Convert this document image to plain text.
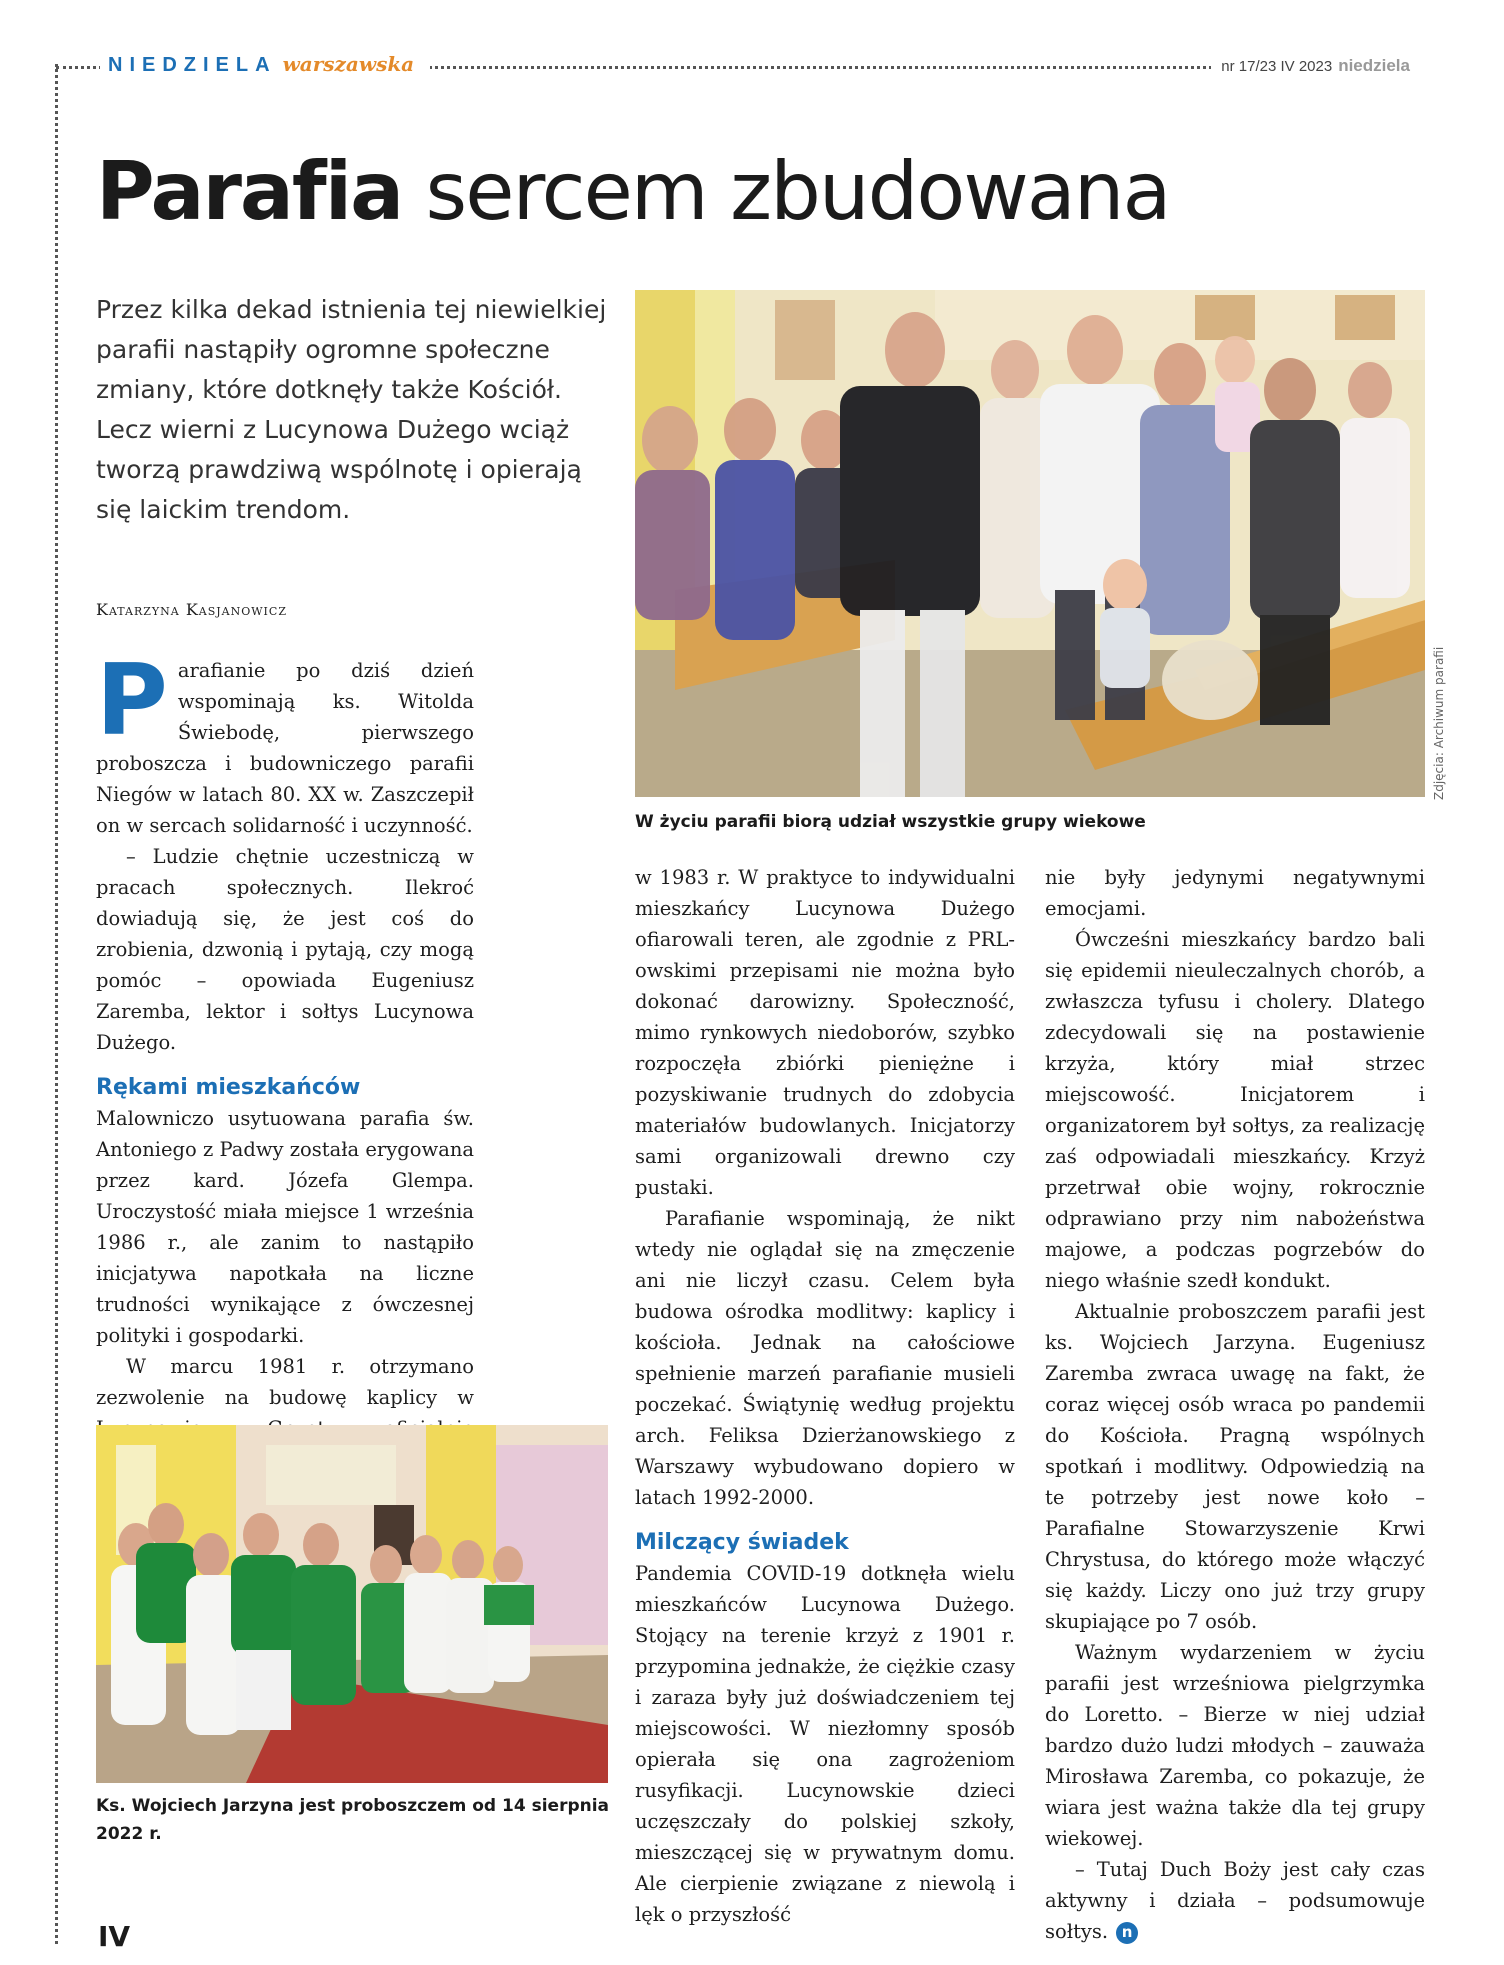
NIEDZIELA warszawska	nr 17/23 IV 2023 niedziela
Parafia sercem zbudowana
Przez kilka dekad istnienia tej niewielkiej parafii nastąpiły ogromne społeczne zmiany, które dotknęły także Kościół. Lecz wierni z Lucynowa Dużego wciąż tworzą prawdziwą wspólnotę i opierają się laickim trendom.
Katarzyna Kasjanowicz
Zdjęcia: Archiwum parafii
W życiu parafii biorą udział wszystkie grupy wiekowe

Parafianie po dziś dzień wspominają ks. Witolda Świebodę, pierwszego proboszcza i budowniczego parafii Niegów w latach 80. XX w. Zaszczepił on w sercach solidarność i uczynność.

– Ludzie chętnie uczestniczą w pracach społecznych. Ilekroć dowiadują się, że jest coś do zrobienia, dzwonią i pytają, czy mogą pomóc – opowiada Eugeniusz Zaremba, lektor i sołtys Lucynowa Dużego.

Rękami mieszkańców

Malowniczo usytuowana parafia św. Antoniego z Padwy została erygowana przez kard. Józefa Glempa. Uroczystość miała miejsce 1 września 1986 r., ale zanim to nastąpiło inicjatywa napotkała na liczne trudności wynikające z ówczesnej polityki i gospodarki.

W marcu 1981 r. otrzymano zezwolenie na budowę kaplicy w

Ks. Wojciech Jarzyna jest proboszczem od 14 sierpnia 2022 r.

w 1983 r. W praktyce to indywidualni mieszkańcy Lucynowa Dużego ofiarowali teren, ale zgodnie z PRL-owskimi przepisami nie można było dokonać darowizny. Społeczność, mimo rynkowych niedoborów, szybko rozpoczęła zbiórki pieniężne i pozyskiwanie trudnych do zdobycia materiałów budowlanych. Inicjatorzy sami organizowali drewno czy pustaki.

Parafianie wspominają, że nikt wtedy nie oglądał się na zmęczenie ani nie liczył czasu. Celem była budowa ośrodka modlitwy: kaplicy i kościoła. Jednak na całościowe spełnienie marzeń parafianie musieli poczekać. Świątynię według projektu arch. Feliksa Dzierżanowskiego z Warszawy wybudowano dopiero w latach 1992-2000.

Milczący świadek

Pandemia COVID-19 dotknęła wielu mieszkańców Lucynowa Dużego. Stojący na terenie krzyż z 1901 r. przypomina jednakże, że ciężkie czasy i zaraza były już doświadczeniem tej miejscowości. W niezłomny sposób opierała się ona zagrożeniom rusyfikacji. Lucynowskie dzieci uczęszczały do polskiej szkoły, mieszczącej się w prywatnym domu. Ale cierpienie związane z niewolą i lęk o przyszłość

nie były jedynymi negatywnymi emocjami.

Ówcześni mieszkańcy bardzo bali się epidemii nieuleczalnych chorób, a zwłaszcza tyfusu i cholery. Dlatego zdecydowali się na postawienie krzyża, który miał strzec miejscowość. Inicjatorem i organizatorem był sołtys, za realizację zaś odpowiadali mieszkańcy. Krzyż przetrwał obie wojny, rokrocznie odprawiano przy nim nabożeństwa majowe, a podczas pogrzebów do niego właśnie szedł kondukt.

Aktualnie proboszczem parafii jest ks. Wojciech Jarzyna. Eugeniusz Zaremba zwraca uwagę na fakt, że coraz więcej osób wraca po pandemii do Kościoła. Pragną wspólnych spotkań i modlitwy. Odpowiedzią na te potrzeby jest nowe koło – Parafialne Stowarzyszenie Krwi Chrystusa, do którego może włączyć się każdy. Liczy ono już trzy grupy skupiające po 7 osób.

Ważnym wydarzeniem w życiu parafii jest wrześniowa pielgrzymka do Loretto. – Bierze w niej udział bardzo dużo ludzi młodych – zauważa Mirosława Zaremba, co pokazuje, że wiara jest ważna także dla tej grupy wiekowej.

– Tutaj Duch Boży jest cały czas aktywny i działa – podsumowuje sołtys. n

IV
